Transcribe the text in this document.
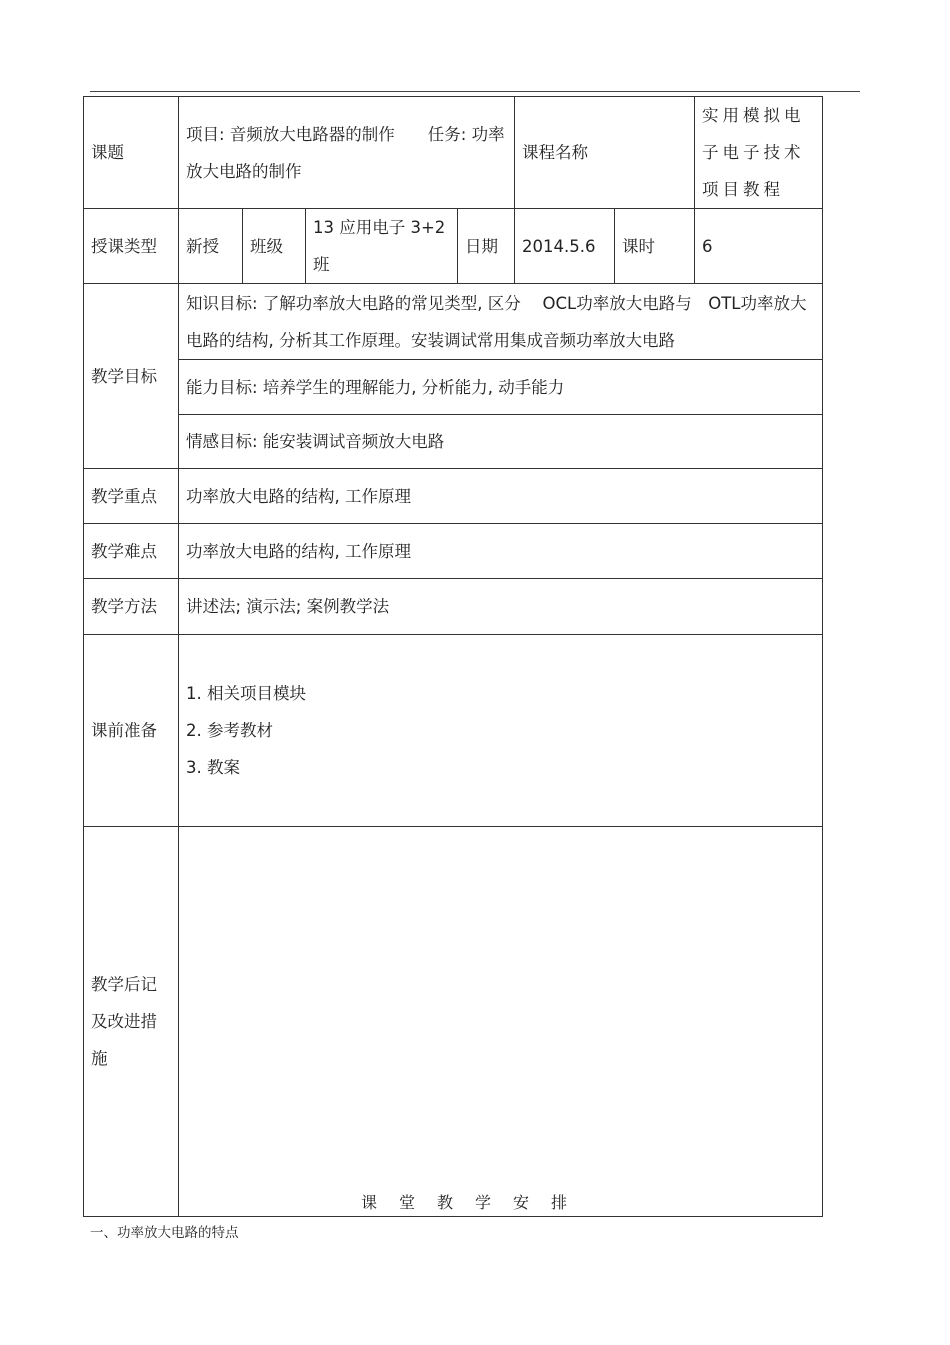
课题	项目: 音频放大电路器的制作　　任务: 功率放大电路的制作				课程名称		实用模拟电子电子技术项目教程
授课类型	新授	班级	13 应用电子 3+2 班	日期	2014.5.6	课时	6
教学目标	知识目标: 了解功率放大电路的常见类型, 区分　 OCL功率放大电路与　OTL功率放大电路的结构, 分析其工作原理。安装调试常用集成音频功率放大电路						
	能力目标: 培养学生的理解能力, 分析能力, 动手能力						
	情感目标: 能安装调试音频放大电路						
教学重点	功率放大电路的结构, 工作原理						
教学难点	功率放大电路的结构, 工作原理						
教学方法	讲述法; 演示法; 案例教学法						
课前准备	1. 相关项目模块
2. 参考教材
3. 教案						

教学后记及改进措施							
课堂教学安排
一、功率放大电路的特点
